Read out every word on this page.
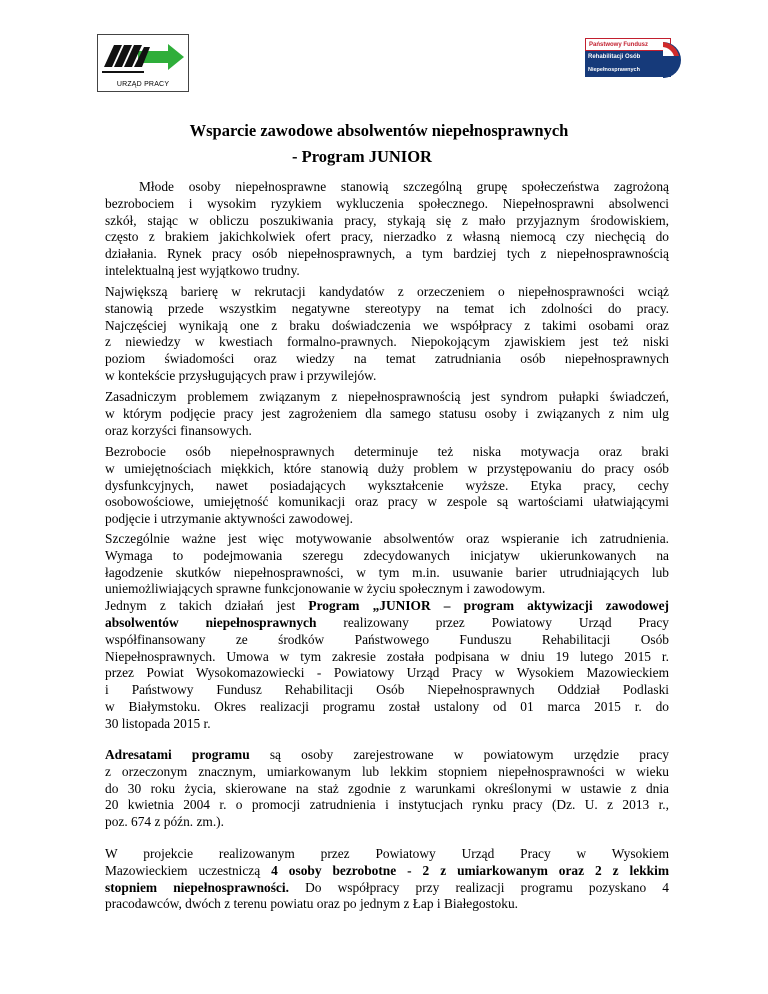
URZĄD PRACY
Państwowy Fundusz
Rehabilitacji Osób
Niepełnosprawnych
Wsparcie zawodowe absolwentów niepełnosprawnych
- Program JUNIOR
Młode osoby niepełnosprawne stanowią szczególną grupę społeczeństwa zagrożoną
bezrobociem i wysokim ryzykiem wykluczenia społecznego. Niepełnosprawni absolwenci
szkół, stając w obliczu poszukiwania pracy, stykają się z mało przyjaznym środowiskiem,
często z brakiem jakichkolwiek ofert pracy, nierzadko z własną niemocą czy niechęcią do
działania. Rynek pracy osób niepełnosprawnych, a tym bardziej tych z niepełnosprawnością
intelektualną jest wyjątkowo trudny.
Największą barierę w rekrutacji kandydatów z orzeczeniem o niepełnosprawności wciąż
stanowią przede wszystkim negatywne stereotypy na temat ich zdolności do pracy.
Najczęściej wynikają one z braku doświadczenia we współpracy z takimi osobami oraz
z niewiedzy w kwestiach formalno-prawnych. Niepokojącym zjawiskiem jest też niski
poziom świadomości oraz wiedzy na temat zatrudniania osób niepełnosprawnych
w kontekście przysługujących praw i przywilejów.
Zasadniczym problemem związanym z niepełnosprawnością jest syndrom pułapki świadczeń,
w którym podjęcie pracy jest zagrożeniem dla samego statusu osoby i związanych z nim ulg
oraz korzyści finansowych.
Bezrobocie osób niepełnosprawnych determinuje też niska motywacja oraz braki
w umiejętnościach miękkich, które stanowią duży problem w przystępowaniu do pracy osób
dysfunkcyjnych, nawet posiadających wykształcenie wyższe. Etyka pracy, cechy
osobowościowe, umiejętność komunikacji oraz pracy w zespole są wartościami ułatwiającymi
podjęcie i utrzymanie aktywności zawodowej.
Szczególnie ważne jest więc motywowanie absolwentów oraz wspieranie ich zatrudnienia.
Wymaga to podejmowania szeregu zdecydowanych inicjatyw ukierunkowanych na
łagodzenie skutków niepełnosprawności, w tym m.in. usuwanie barier utrudniających lub
uniemożliwiających sprawne funkcjonowanie w życiu społecznym i zawodowym.
Jednym z takich działań jest Program „JUNIOR – program aktywizacji zawodowej
absolwentów niepełnosprawnych realizowany przez Powiatowy Urząd Pracy
współfinansowany ze środków Państwowego Funduszu Rehabilitacji Osób
Niepełnosprawnych. Umowa w tym zakresie została podpisana w dniu 19 lutego 2015 r.
przez Powiat Wysokomazowiecki - Powiatowy Urząd Pracy w Wysokiem Mazowieckiem
i Państwowy Fundusz Rehabilitacji Osób Niepełnosprawnych Oddział Podlaski
w Białymstoku. Okres realizacji programu został ustalony od 01 marca 2015 r. do
30 listopada 2015 r.
Adresatami programu są osoby zarejestrowane w powiatowym urzędzie pracy
z orzeczonym znacznym, umiarkowanym lub lekkim stopniem niepełnosprawności w wieku
do 30 roku życia, skierowane na staż zgodnie z warunkami określonymi w ustawie z dnia
20 kwietnia 2004 r. o promocji zatrudnienia i instytucjach rynku pracy (Dz. U. z 2013 r.,
poz. 674 z późn. zm.).
W projekcie realizowanym przez Powiatowy Urząd Pracy w Wysokiem
Mazowieckiem uczestniczą 4 osoby bezrobotne - 2 z umiarkowanym oraz 2 z lekkim
stopniem niepełnosprawności. Do współpracy przy realizacji programu pozyskano 4
pracodawców, dwóch z terenu powiatu oraz po jednym z Łap i Białegostoku.
